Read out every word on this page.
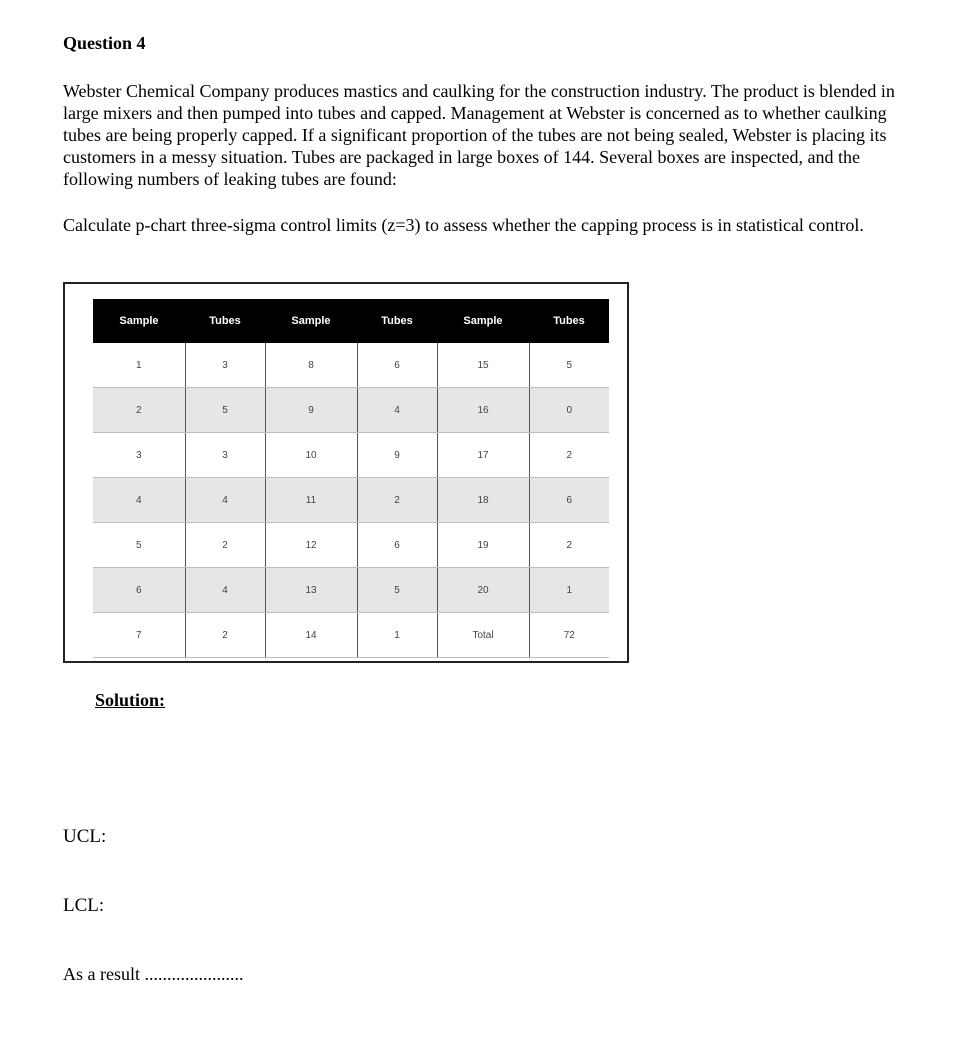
Question 4
Webster Chemical Company produces mastics and caulking for the construction industry. The product is blended in large mixers and then pumped into tubes and capped. Management at Webster is concerned as to whether caulking tubes are being properly capped. If a significant proportion of the tubes are not being sealed, Webster is placing its customers in a messy situation. Tubes are packaged in large boxes of 144. Several boxes are inspected, and the following numbers of leaking tubes are found:
Calculate p-chart three-sigma control limits (z=3) to assess whether the capping process is in statistical control.
Sample	Tubes	Sample	Tubes	Sample	Tubes
1	3	8	6	15	5
2	5	9	4	16	0
3	3	10	9	17	2
4	4	11	2	18	6
5	2	12	6	19	2
6	4	13	5	20	1
7	2	14	1	Total	72
Solution:
UCL:
LCL:
As a result ......................
